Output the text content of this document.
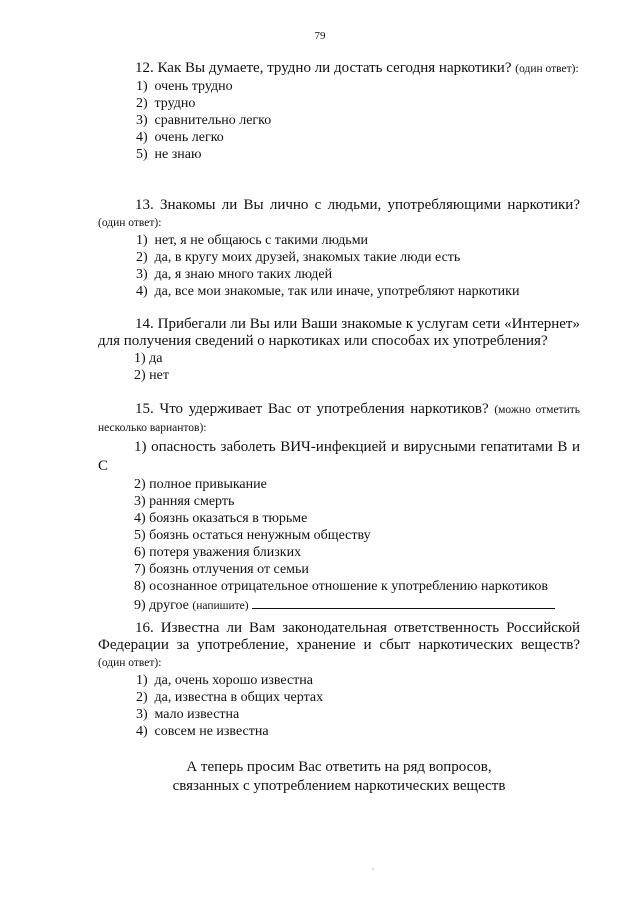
79

12. Как Вы думаете, трудно ли достать сегодня наркотики? (один ответ):

1) очень трудно
2) трудно
3) сравнительно легко
4) очень легко
5) не знаю

13. Знакомы ли Вы лично с людьми, употребляющими наркотики? (один ответ):

1) нет, я не общаюсь с такими людьми
2) да, в кругу моих друзей, знакомых такие люди есть
3) да, я знаю много таких людей
4) да, все мои знакомые, так или иначе, употребляют наркотики

14. Прибегали ли Вы или Ваши знакомые к услугам сети «Интернет» для получения сведений о наркотиках или способах их употребления?

1) да
2) нет

15. Что удерживает Вас от употребления наркотиков? (можно отметить несколько вариантов):

1) опасность заболеть ВИЧ-инфекцией и вирусными гепатитами В и С
2) полное привыкание
3) ранняя смерть
4) боязнь оказаться в тюрьме
5) боязнь остаться ненужным обществу
6) потеря уважения близких
7) боязнь отлучения от семьи
8) осознанное отрицательное отношение к употреблению наркотиков
9) другое (напишите)

16. Известна ли Вам законодательная ответственность Российской Федерации за употребление, хранение и сбыт наркотических веществ? (один ответ):

1) да, очень хорошо известна
2) да, известна в общих чертах
3) мало известна
4) совсем не известна
А теперь просим Вас ответить на ряд вопросов,
связанных с употреблением наркотических веществ
